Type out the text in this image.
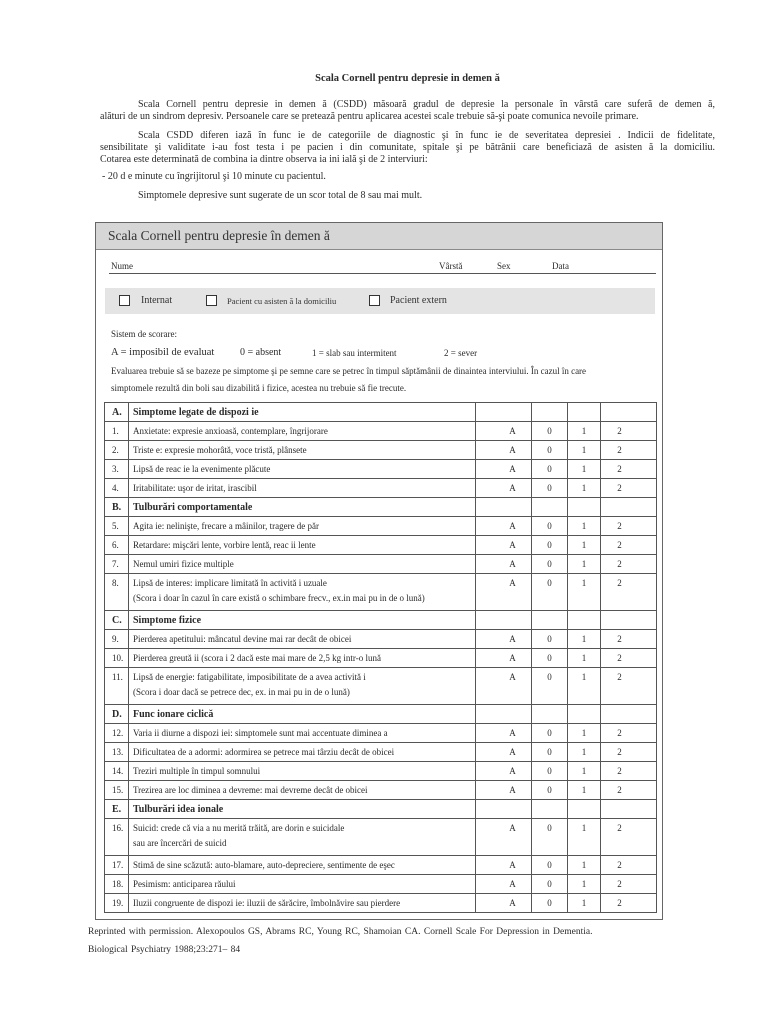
Scala Cornell pentru depresie in demen ă
Scala Cornell pentru depresie in demen ă (CSDD) măsoară gradul de depresie la personale în vârstă care suferă de demen ă,
alături de un sindrom depresiv. Persoanele care se pretează pentru aplicarea acestei scale trebuie să-şi poate comunica nevoile primare.
Scala CSDD diferen iază în func ie de categoriile de diagnostic şi în func ie de severitatea depresiei . Indicii de fidelitate,
sensibilitate şi validitate i-au fost testa i pe pacien i din comunitate, spitale şi pe bătrânii care beneficiază de asisten ă la domiciliu.
Cotarea este determinată de combina ia dintre observa ia ini ială şi de 2 interviuri:
- 20 d e minute cu îngrijitorul şi 10 minute cu pacientul.
Simptomele depresive sunt sugerate de un scor total de 8 sau mai mult.
Scala Cornell pentru depresie în demen ă
Nume	Vârstă	Sex	Data
Internat	Pacient cu asisten ă la domiciliu	Pacient extern
Sistem de scorare:
A = imposibil de evaluat	0 = absent	1 = slab sau intermitent	2 = sever
Evaluarea trebuie să se bazeze pe simptome şi pe semne care se petrec în timpul săptămânii de dinaintea interviului. În cazul în care
simptomele rezultă din boli sau dizabilită i fizice, acestea nu trebuie să fie trecute.
A.	Simptome legate de dispozi ie				
1.	Anxietate: expresie anxioasă, contemplare, îngrijorare	A	0	1	2
2.	Triste e: expresie mohorâtă, voce tristă, plânsete	A	0	1	2
3.	Lipsă de reac ie la evenimente plăcute	A	0	1	2
4.	Iritabilitate: uşor de iritat, irascibil	A	0	1	2
B.	Tulburări comportamentale				
5.	Agita ie: nelinişte, frecare a mâinilor, tragere de păr	A	0	1	2
6.	Retardare: mişcări lente, vorbire lentă, reac ii lente	A	0	1	2
7.	Nemul umiri fizice multiple	A	0	1	2
8.	Lipsă de interes: implicare limitată în activită i uzuale
(Scora i doar în cazul în care există o schimbare frecv., ex.in mai pu in de o lună)	A	0	1	2
C.	Simptome fizice				
9.	Pierderea apetitului: mâncatul devine mai rar decât de obicei	A	0	1	2
10.	Pierderea greută ii (scora i 2 dacă este mai mare de 2,5 kg intr-o lună	A	0	1	2
11.	Lipsă de energie: fatigabilitate, imposibilitate de a avea activită i
(Scora i doar dacă se petrece dec, ex. in mai pu in de o lună)	A	0	1	2
D.	Func ionare ciclică				
12.	Varia ii diurne a dispozi iei: simptomele sunt mai accentuate diminea a	A	0	1	2
13.	Dificultatea de a adormi: adormirea se petrece mai târziu decât de obicei	A	0	1	2
14.	Treziri multiple în timpul somnului	A	0	1	2
15.	Trezirea are loc diminea a devreme: mai devreme decât de obicei	A	0	1	2
E.	Tulburări idea ionale				
16.	Suicid: crede că via a nu merită trăită, are dorin e suicidale
sau are încercări de suicid	A	0	1	2
17.	Stimă de sine scăzută: auto-blamare, auto-depreciere, sentimente de eşec	A	0	1	2
18.	Pesimism: anticiparea răului	A	0	1	2
19.	Iluzii congruente de dispozi ie: iluzii de sărăcire, îmbolnăvire sau pierdere	A	0	1	2
Reprinted with permission. Alexopoulos GS, Abrams RC, Young RC, Shamoian CA. Cornell Scale For Depression in Dementia.
Biological Psychiatry 1988;23:271– 84
